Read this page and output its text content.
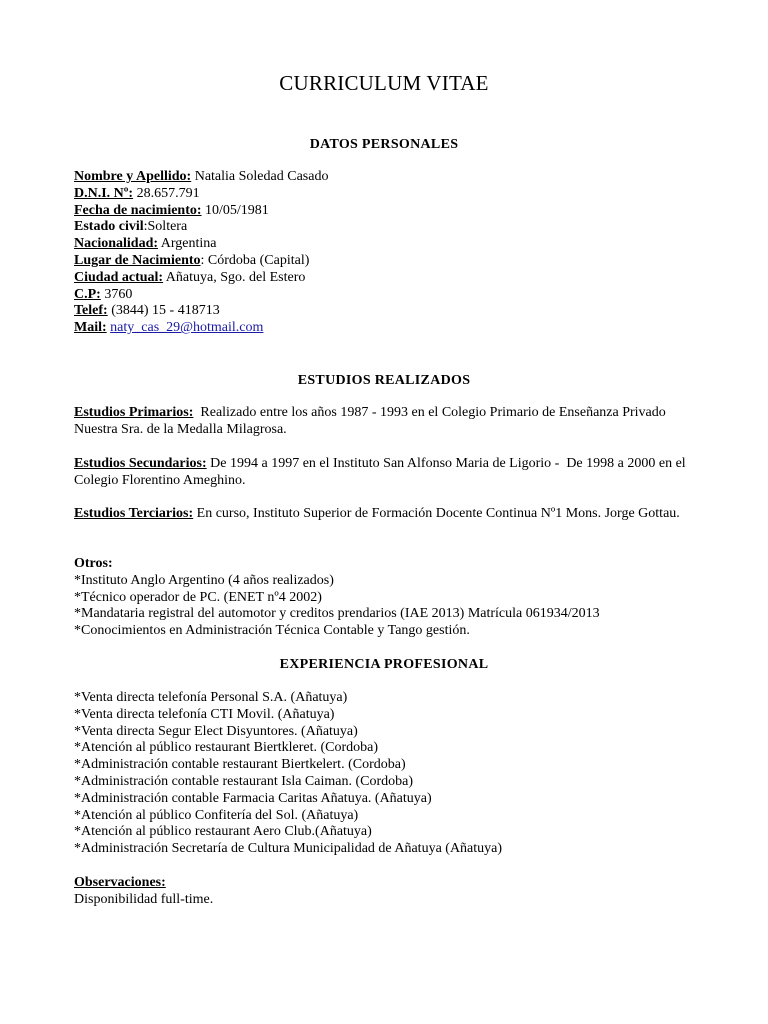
CURRICULUM VITAE
DATOS PERSONALES
Nombre y Apellido: Natalia Soledad Casado
D.N.I. Nº: 28.657.791
Fecha de nacimiento: 10/05/1981
Estado civil:Soltera
Nacionalidad: Argentina
Lugar de Nacimiento: Córdoba (Capital)
Ciudad actual: Añatuya, Sgo. del Estero
C.P: 3760
Telef: (3844) 15 - 418713
Mail: naty_cas_29@hotmail.com
ESTUDIOS REALIZADOS
Estudios Primarios:  Realizado entre los años 1987 - 1993 en el Colegio Primario de Enseñanza Privado Nuestra Sra. de la Medalla Milagrosa.
Estudios Secundarios: De 1994 a 1997 en el Instituto San Alfonso Maria de Ligorio -  De 1998 a 2000 en el Colegio Florentino Ameghino.
Estudios Terciarios: En curso, Instituto Superior de Formación Docente Continua Nº1 Mons. Jorge Gottau.
Otros:
*Instituto Anglo Argentino (4 años realizados)
*Técnico operador de PC. (ENET nº4 2002)
*Mandataria registral del automotor y creditos prendarios (IAE 2013) Matrícula 061934/2013
*Conocimientos en Administración Técnica Contable y Tango gestión.
EXPERIENCIA PROFESIONAL
*Venta directa telefonía Personal S.A. (Añatuya)
*Venta directa telefonía CTI Movil. (Añatuya)
*Venta directa Segur Elect Disyuntores. (Añatuya)
*Atención al público restaurant Biertkleret. (Cordoba)
*Administración contable restaurant Biertkelert. (Cordoba)
*Administración contable restaurant Isla Caiman. (Cordoba)
*Administración contable Farmacia Caritas Añatuya. (Añatuya)
*Atención al público Confitería del Sol. (Añatuya)
*Atención al público restaurant Aero Club.(Añatuya)
*Administración Secretaría de Cultura Municipalidad de Añatuya (Añatuya)
Observaciones:
Disponibilidad full-time.
